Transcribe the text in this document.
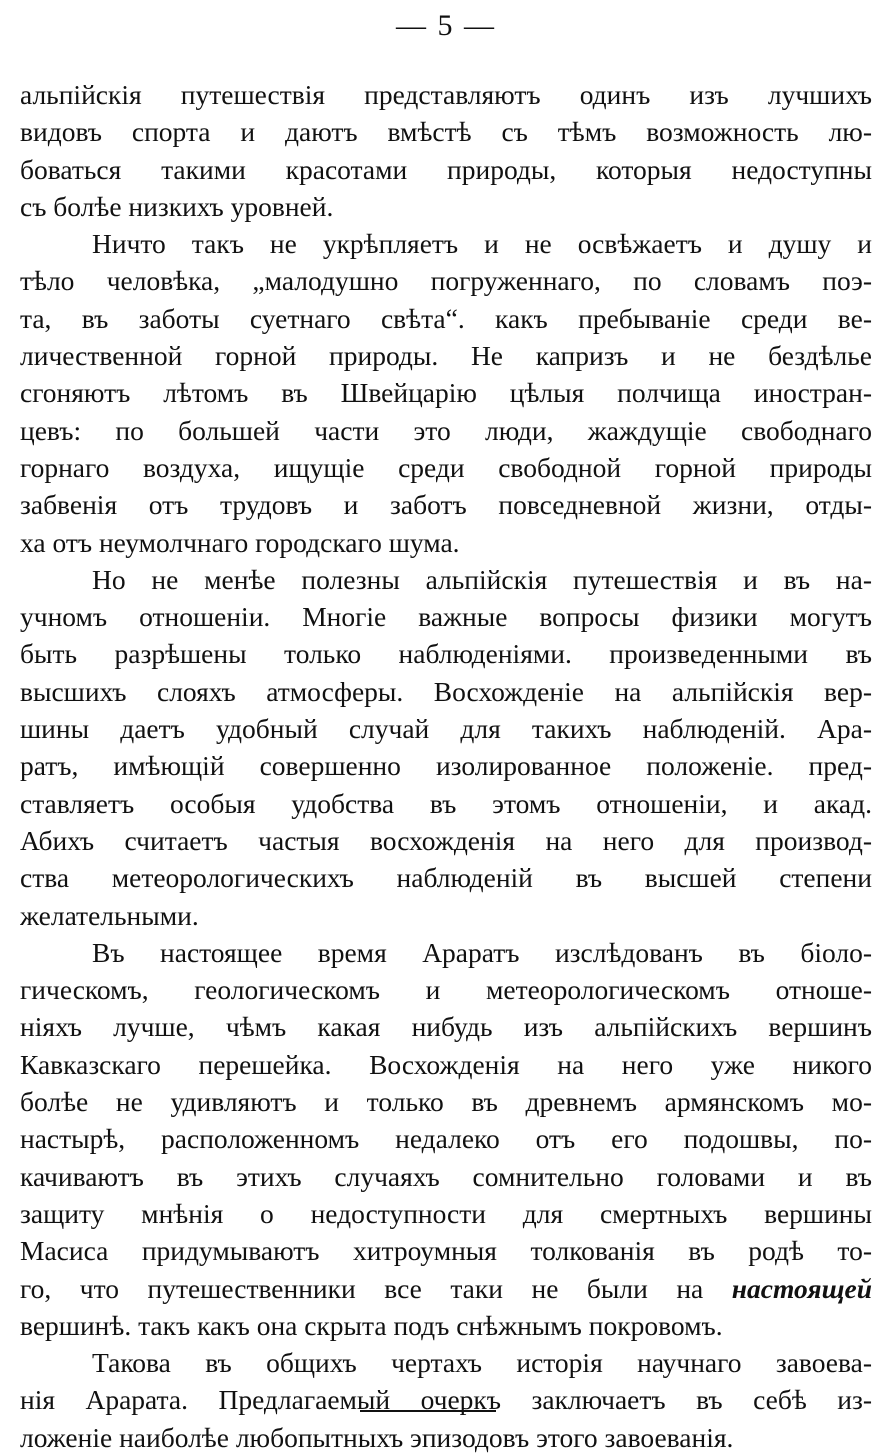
— 5 —
альпійскія путешествія представляютъ одинъ изъ лучшихъ
видовъ спорта и даютъ вмѣстѣ съ тѣмъ возможность лю-
боваться такими красотами природы, которыя недоступны
съ болѣе низкихъ уровней.
Ничто такъ не укрѣпляетъ и не освѣжаетъ и душу и
тѣло человѣка, „малодушно погруженнаго, по словамъ поэ-
та, въ заботы суетнаго свѣта“. какъ пребываніе среди ве-
личественной горной природы. Не капризъ и не бездѣлье
сгоняютъ лѣтомъ въ Швейцарію цѣлыя полчища иностран-
цевъ: по большей части это люди, жаждущіе свободнаго
горнаго воздуха, ищущіе среди свободной горной природы
забвенія отъ трудовъ и заботъ повседневной жизни, отды-
ха отъ неумолчнаго городскаго шума.
Но не менѣе полезны альпійскія путешествія и въ на-
учномъ отношеніи. Многіе важные вопросы физики могутъ
быть разрѣшены только наблюденіями. произведенными въ
высшихъ слояхъ атмосферы. Восхожденіе на альпійскія вер-
шины даетъ удобный случай для такихъ наблюденій. Ара-
ратъ, имѣющій совершенно изолированное положеніе. пред-
ставляетъ особыя удобства въ этомъ отношеніи, и акад.
Абихъ считаетъ частыя восхожденія на него для производ-
ства метеорологическихъ наблюденій въ высшей степени
желательными.
Въ настоящее время Араратъ изслѣдованъ въ біоло-
гическомъ, геологическомъ и метеорологическомъ отноше-
ніяхъ лучше, чѣмъ какая нибудь изъ альпійскихъ вершинъ
Кавказскаго перешейка. Восхожденія на него уже никого
болѣе не удивляютъ и только въ древнемъ армянскомъ мо-
настырѣ, расположенномъ недалеко отъ его подошвы, по-
качиваютъ въ этихъ случаяхъ сомнительно головами и въ
защиту мнѣнія о недоступности для смертныхъ вершины
Масиса придумываютъ хитроумныя толкованія въ родѣ то-
го, что путешественники все таки не были на настоящей
вершинѣ. такъ какъ она скрыта подъ снѣжнымъ покровомъ.
Такова въ общихъ чертахъ исторія научнаго завоева-
нія Арарата. Предлагаемый очеркъ заключаетъ въ себѣ из-
ложеніе наиболѣе любопытныхъ эпизодовъ этого завоеванія.
